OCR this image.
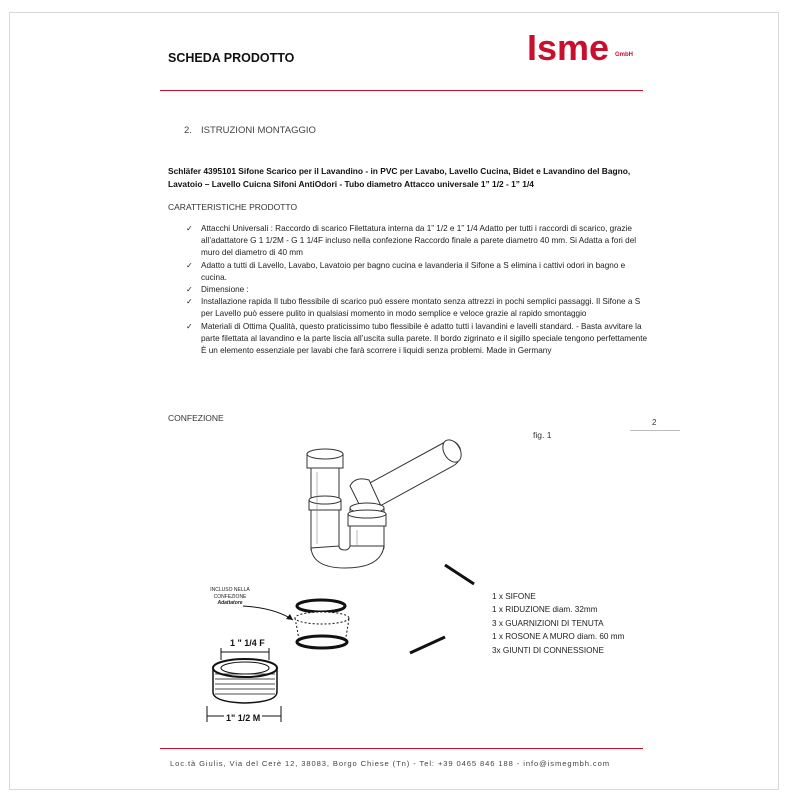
SCHEDA PRODOTTO	Isme GmbH
2. ISTRUZIONI MONTAGGIO
Schläfer 4395101 Sifone Scarico per il Lavandino - in PVC per Lavabo, Lavello Cucina, Bidet e Lavandino del Bagno, Lavatoio – Lavello Cuicna Sifoni AntiOdori - Tubo diametro Attacco universale 1” 1/2 - 1” 1/4
CARATTERISTICHE PRODOTTO
✓ Attacchi Universali : Raccordo di scarico Filettatura interna da 1” 1/2 e 1” 1/4 Adatto per tutti i raccordi di scarico, grazie all’adattatore G 1 1/2M - G 1 1/4F incluso nella confezione Raccordo finale a parete diametro 40 mm. Si Adatta a fori del muro del diametro di 40 mm
✓ Adatto a tutti di Lavello, Lavabo, Lavatoio per bagno cucina e lavanderia il Sifone a S elimina i cattivi odori in bagno e cucina.
✓ Dimensione :
✓ Installazione rapida Il tubo flessibile di scarico può essere montato senza attrezzi in pochi semplici passaggi. Il Sifone a S per Lavello può essere pulito in qualsiasi momento in modo semplice e veloce grazie al rapido smontaggio
✓ Materiali di Ottima Qualità, questo praticissimo tubo flessibile è adatto tutti i lavandini e lavelli standard. - Basta avvitare la parte filettata al lavandino e la parte liscia all’uscita sulla parete. Il bordo zigrinato e il sigillo speciale tengono perfettamente È un elemento essenziale per lavabi che farà scorrere i liquidi senza problemi. Made in Germany
CONFEZIONE	2
fig. 1
INCLUSO NELLA
CONFEZIONE
Adattatore
1 " 1/4 F
1" 1/2 M
1 x SIFONE
1 x RIDUZIONE diam. 32mm
3 x GUARNIZIONI DI TENUTA
1 x ROSONE A MURO diam. 60 mm
3x GIUNTI DI CONNESSIONE
Loc.tà Giulis, Via del Cerè 12, 38083, Borgo Chiese (Tn) - Tel: +39 0465 846 188 - info@ismegmbh.com
